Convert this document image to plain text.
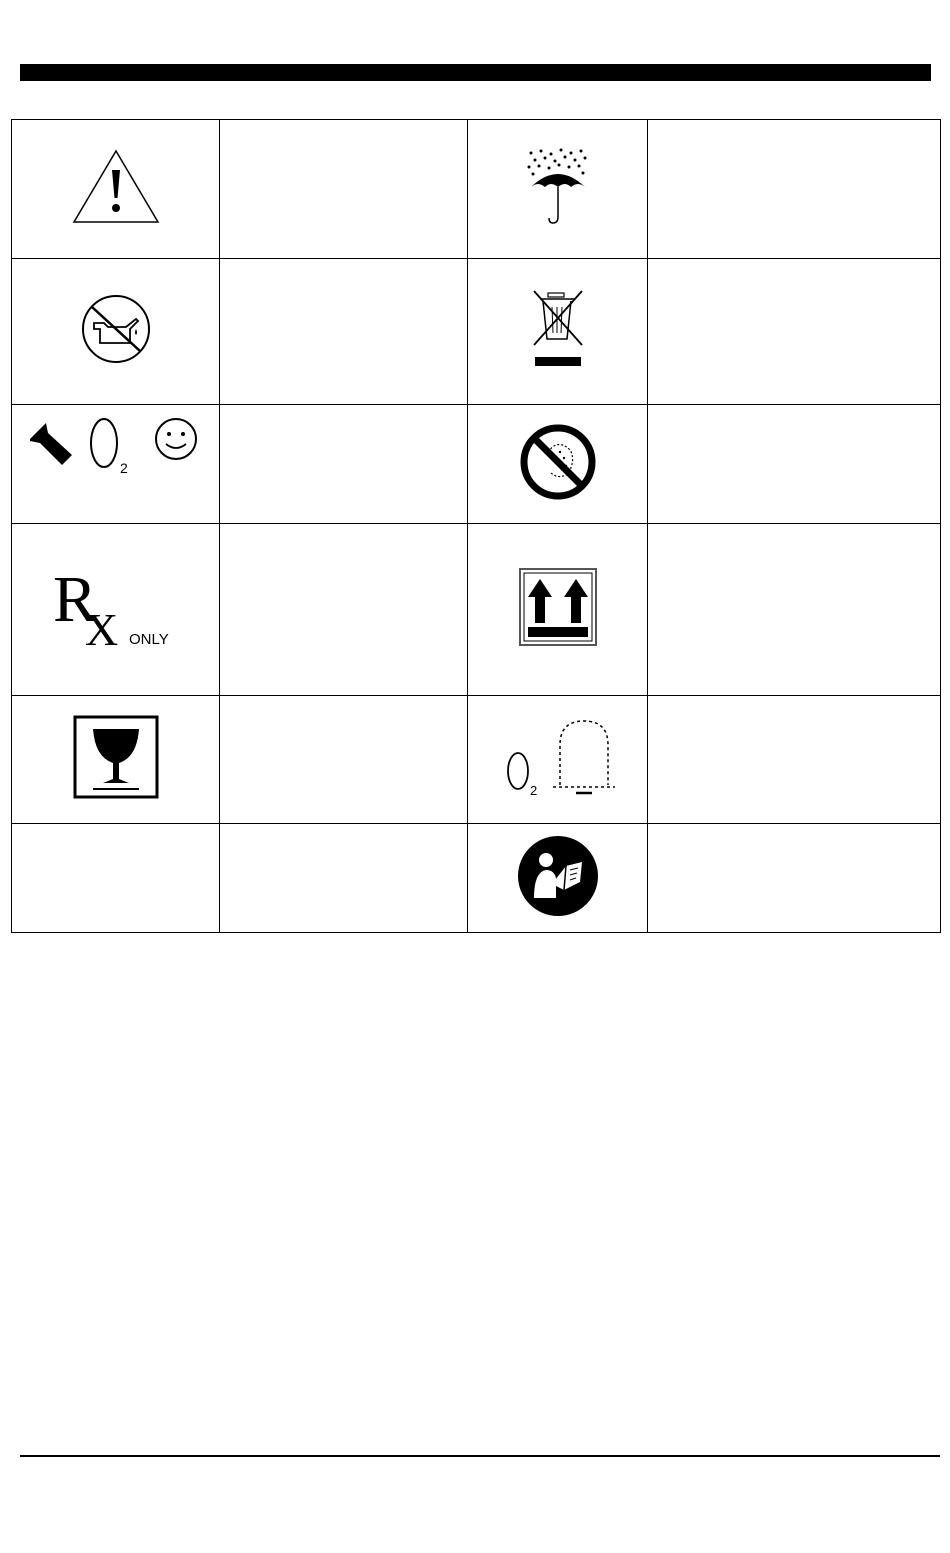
2

R
X ONLY

2	
